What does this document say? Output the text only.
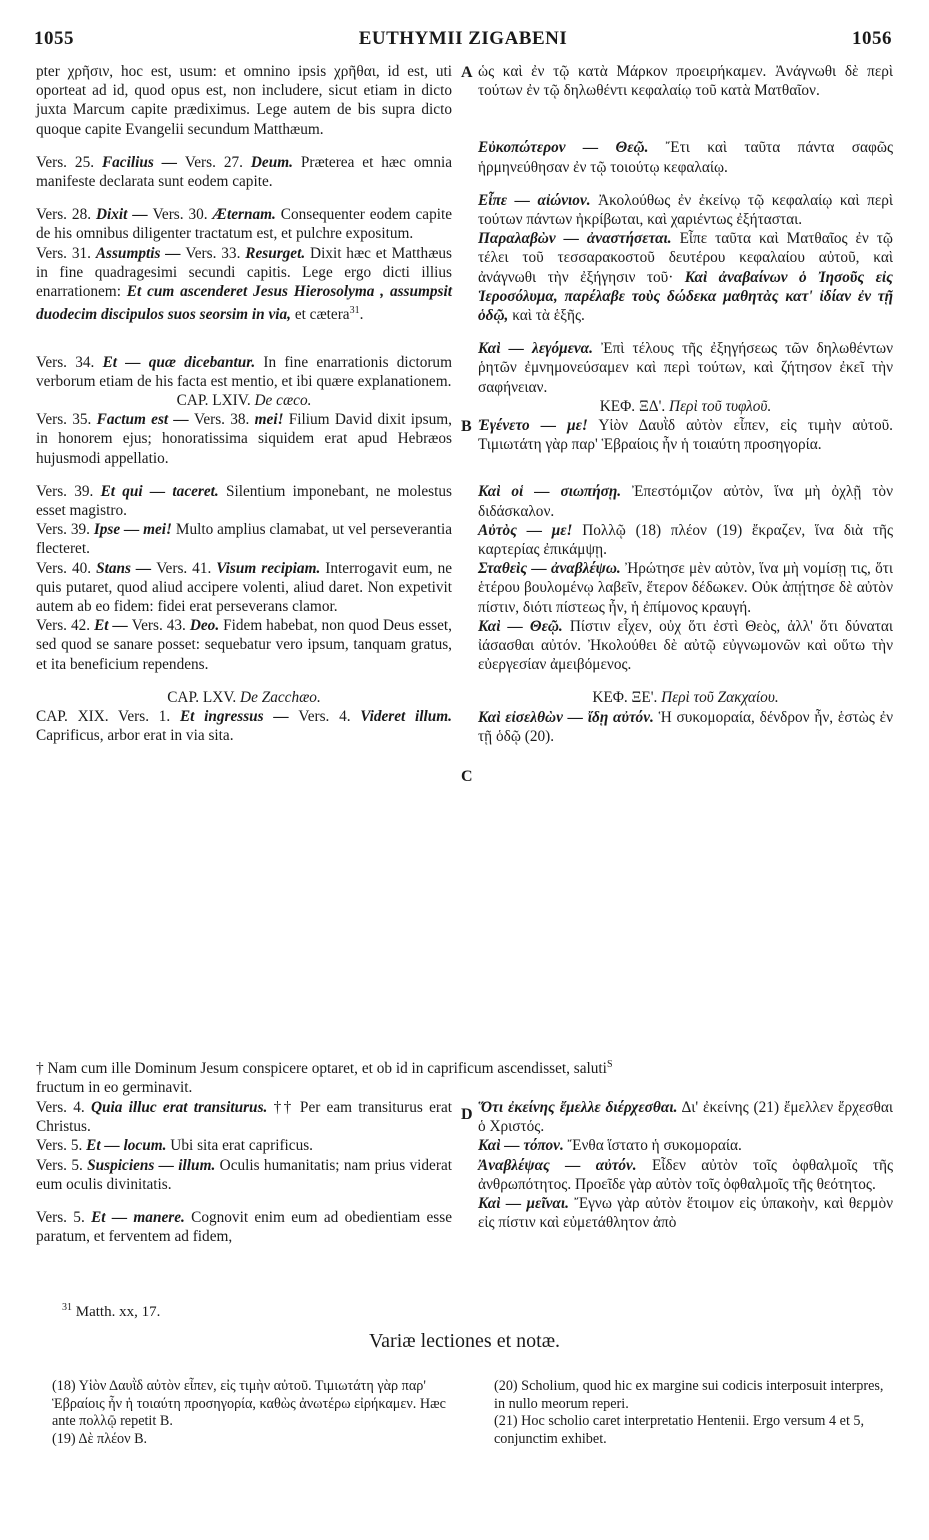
1055	EUTHYMII ZIGABENI	1056

pter χρῆσιν, hoc est, usum: et omnino ipsis χρῆθαι, id est, uti oporteat ad id, quod opus est, non includere, sicut etiam in dicto juxta Marcum capite prædiximus. Lege autem de bis supra dicto quoque capite Evangelii secundum Matthæum.

Vers. 25. Facilius — Vers. 27. Deum. Præterea et hæc omnia manifeste declarata sunt eodem capite.

Vers. 28. Dixit — Vers. 30. Æternam. Consequenter eodem capite de his omnibus diligenter tractatum est, et pulchre expositum.

Vers. 31. Assumptis — Vers. 33. Resurget. Dixit hæc et Matthæus in fine quadragesimi secundi capitis. Lege ergo dicti illius enarrationem: Et cum ascenderet Jesus Hierosolyma , assumpsit duodecim discipulos suos seorsim in via, et cætera$^{31}$.

Vers. 34. Et — quæ dicebantur. In fine enarrationis dictorum verborum etiam de his facta est mentio, et ibi quære explanationem.

CAP. LXIV. De cæco.

Vers. 35. Factum est — Vers. 38. mei! Filium David dixit ipsum, in honorem ejus; honoratissima siquidem erat apud Hebræos hujusmodi appellatio.

Vers. 39. Et qui — taceret. Silentium imponebant, ne molestus esset magistro.

Vers. 39. Ipse — mei! Multo amplius clamabat, ut vel perseverantia flecteret.

Vers. 40. Stans — Vers. 41. Visum recipiam. Interrogavit eum, ne quis putaret, quod aliud accipere volenti, aliud daret. Non expetivit autem ab eo fidem: fidei erat perseverans clamor.

Vers. 42. Et — Vers. 43. Deo. Fidem habebat, non quod Deus esset, sed quod se sanare posset: sequebatur vero ipsum, tanquam gratus, et ita beneficium rependens.

CAP. LXV. De Zacchæo.

CAP. XIX. Vers. 1. Et ingressus — Vers. 4. Videret illum. Caprificus, arbor erat in via sita.

ὡς καὶ ἐν τῷ κατὰ Μάρκον προειρήκαμεν. Ἀνάγνωθι δὲ περὶ τούτων ἐν τῷ δηλωθέντι κεφαλαίῳ τοῦ κατὰ Ματθαῖον.

Εὐκοπώτερον — Θεῷ. Ἔτι καὶ ταῦτα πάντα σαφῶς ἡρμηνεύθησαν ἐν τῷ τοιούτῳ κεφαλαίῳ.

Εἶπε — αἰώνιον. Ἀκολούθως ἐν ἐκείνῳ τῷ κεφαλαίῳ καὶ περὶ τούτων πάντων ἠκρίβωται, καὶ χαριέντως ἐξήτασται.

Παραλαβὼν — ἀναστήσεται. Εἶπε ταῦτα καὶ Ματθαῖος ἐν τῷ τέλει τοῦ τεσσαρακοστοῦ δευτέρου κεφαλαίου αὐτοῦ, καὶ ἀνάγνωθι τὴν ἐξήγησιν τοῦ· Καὶ ἀναβαίνων ὁ Ἰησοῦς εἰς Ἱεροσόλυμα, παρέλαβε τοὺς δώδεκα μαθητὰς κατ' ἰδίαν ἐν τῇ ὁδῷ, καὶ τὰ ἑξῆς.

Καὶ — λεγόμενα. Ἐπὶ τέλους τῆς ἐξηγήσεως τῶν δηλωθέντων ῥητῶν ἐμνημονεύσαμεν καὶ περὶ τούτων, καὶ ζήτησον ἐκεῖ τὴν σαφήνειαν.

ΚΕΦ. ΞΔ'. Περὶ τοῦ τυφλοῦ.

Ἐγένετο — με! Υἱὸν Δαυῒδ αὐτὸν εἶπεν, εἰς τιμὴν αὐτοῦ. Τιμιωτάτη γὰρ παρ' Ἑβραίοις ἦν ἡ τοιαύτη προσηγορία.

Καὶ οἱ — σιωπήσῃ. Ἐπεστόμιζον αὐτὸν, ἵνα μὴ ὀχλῇ τὸν διδάσκαλον.

Αὐτὸς — με! Πολλῷ (18) πλέον (19) ἔκραζεν, ἵνα διὰ τῆς καρτερίας ἐπικάμψῃ.

Σταθεὶς — ἀναβλέψω. Ἠρώτησε μὲν αὐτὸν, ἵνα μὴ νομίσῃ τις, ὅτι ἑτέρου βουλομένῳ λαβεῖν, ἕτερον δέδωκεν. Οὐκ ἀπῄτησε δὲ αὐτὸν πίστιν, διότι πίστεως ἦν, ἡ ἐπίμονος κραυγή.

Καὶ — Θεῷ. Πίστιν εἶχεν, οὐχ ὅτι ἐστὶ Θεὸς, ἀλλ' ὅτι δύναται ἰάσασθαι αὐτόν. Ἠκολούθει δὲ αὐτῷ εὐγνωμονῶν καὶ οὕτω τὴν εὐεργεσίαν ἀμειβόμενος.

ΚΕΦ. ΞΕ'. Περὶ τοῦ Ζακχαίου.

Καὶ εἰσελθὼν — ἴδῃ αὐτόν. Ἡ συκομοραία, δένδρον ἦν, ἑστὼς ἐν τῇ ὁδῷ (20).

† Nam cum ille Dominum Jesum conspicere optaret, et ob id in caprificum ascendisset, saluti$^S$
fructum in eo germinavit.

Vers. 4. Quia illuc erat transiturus. †† Per eam transiturus erat Christus.

Vers. 5. Et — locum. Ubi sita erat caprificus.

Vers. 5. Suspiciens — illum. Oculis humanitatis; nam prius viderat eum oculis divinitatis.

Vers. 5. Et — manere. Cognovit enim eum ad obedientiam esse paratum, et ferventem ad fidem,

Ὅτι ἐκείνης ἔμελλε διέρχεσθαι. Δι' ἐκείνης (21) ἔμελλεν ἔρχεσθαι ὁ Χριστός.

Καὶ — τόπον. Ἔνθα ἵστατο ἡ συκομοραία.

Ἀναβλέψας — αὐτόν. Εἶδεν αὐτὸν τοῖς ὀφθαλμοῖς τῆς ἀνθρωπότητος. Προεῖδε γὰρ αὐτὸν τοῖς ὀφθαλμοῖς τῆς θεότητος.

Καὶ — μεῖναι. Ἔγνω γὰρ αὐτὸν ἕτοιμον εἰς ὑπακοὴν, καὶ θερμὸν εἰς πίστιν καὶ εὐμετάθλητον ἀπὸ

A
B
C
D
$^{31}$ Matth. xx, 17.
Variæ lectiones et notæ.

(18) Υἱὸν Δαυῒδ αὐτὸν εἶπεν, εἰς τιμὴν αὐτοῦ. Τιμιωτάτη γὰρ παρ' Ἑβραίοις ἦν ἡ τοιαύτη προσηγορία, καθὼς ἀνωτέρω εἰρήκαμεν. Hæc ante πολλῷ repetit B.

(19) Δὲ πλέον B.

(20) Scholium, quod hic ex margine sui codicis interposuit interpres, in nullo meorum reperi.

(21) Hoc scholio caret interpretatio Hentenii. Ergo versum 4 et 5, conjunctim exhibet.
